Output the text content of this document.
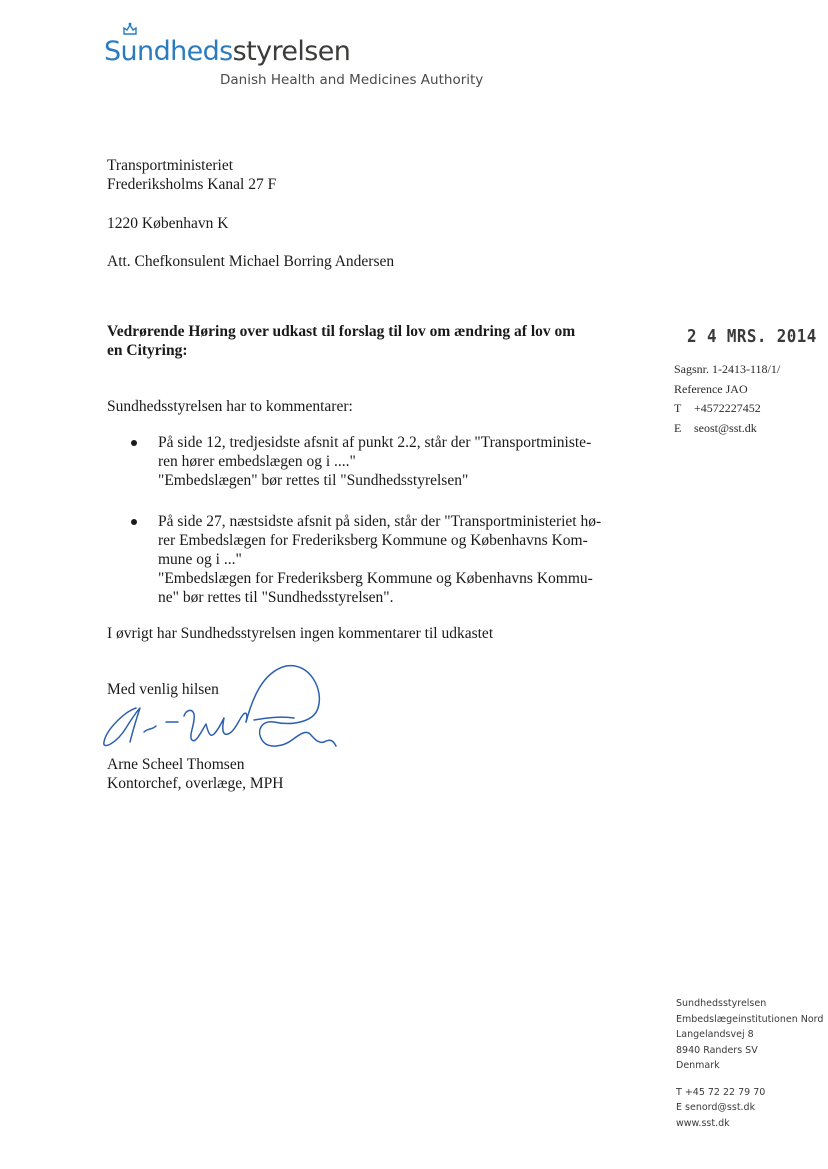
Sundhedsstyrelsen
Danish Health and Medicines Authority
Transportministeriet
Frederiksholms Kanal 27 F
1220 København K
Att. Chefkonsulent Michael Borring Andersen
Vedrørende Høring over udkast til forslag til lov om ændring af lov om
en Cityring:
Sundhedsstyrelsen har to kommentarer:
På side 12, tredjesidste afsnit af punkt 2.2, står der "Transportministe-
ren hører embedslægen og i ...."
"Embedslægen" bør rettes til "Sundhedsstyrelsen"
På side 27, næstsidste afsnit på siden, står der "Transportministeriet hø-
rer Embedslægen for Frederiksberg Kommune og Københavns Kom-
mune og i ..."
"Embedslægen for Frederiksberg Kommune og Københavns Kommu-
ne" bør rettes til "Sundhedsstyrelsen".
I øvrigt har Sundhedsstyrelsen ingen kommentarer til udkastet
Med venlig hilsen
Arne Scheel Thomsen
Kontorchef, overlæge, MPH
2 4 MRS. 2014
Sagsnr. 1-2413-118/1/
Reference JAO
T +4572227452
E seost@sst.dk
Sundhedsstyrelsen
Embedslægeinstitutionen Nord
Langelandsvej 8
8940 Randers SV
Denmark
T +45 72 22 79 70
E senord@sst.dk
www.sst.dk
